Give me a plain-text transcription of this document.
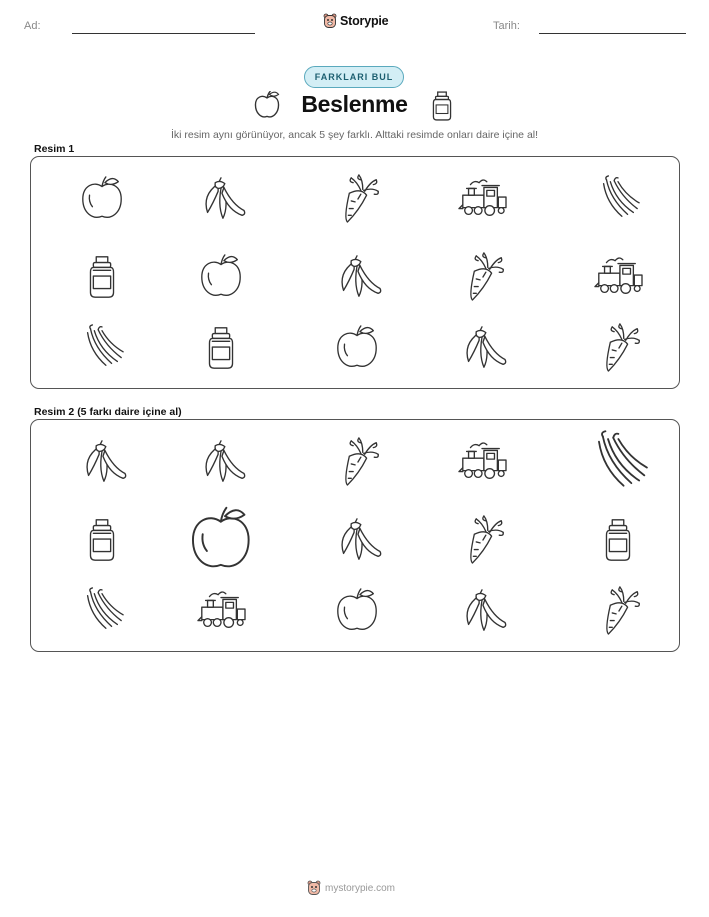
Ad:	Storypie	Tarih:
FARKLARI BUL
Beslenme
İki resim aynı görünüyor, ancak 5 şey farklı. Alttaki resimde onları daire içine al!
Resim 1
Resim 2 (5 farkı daire içine al)
mystorypie.com
